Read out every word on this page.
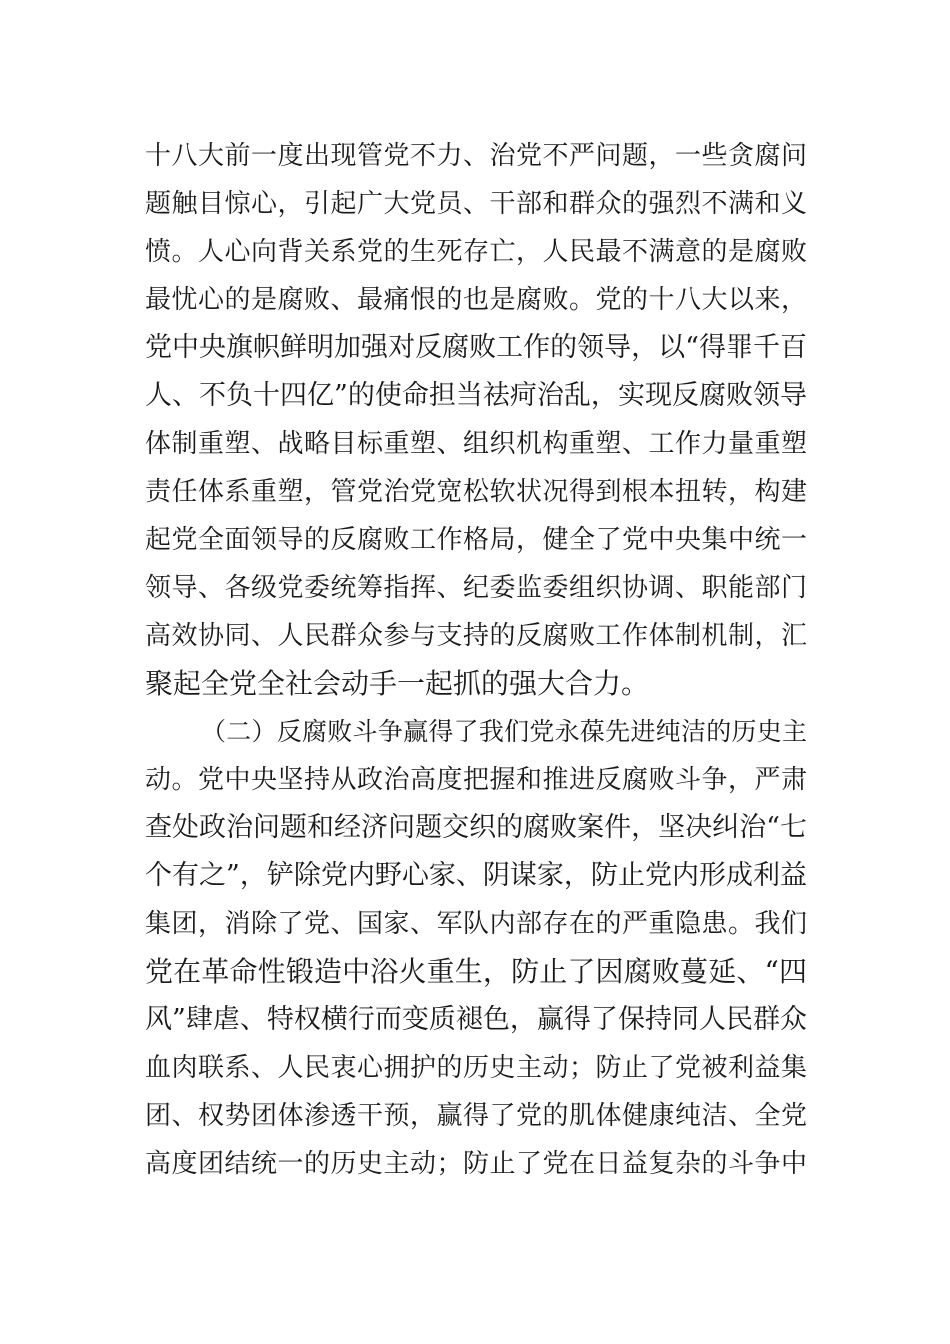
十八大前一度出现管党不力、治党不严问题，一些贪腐问
题触目惊心，引起广大党员、干部和群众的强烈不满和义
愤。人心向背关系党的生死存亡，人民最不满意的是腐败
最忧心的是腐败、最痛恨的也是腐败。党的十八大以来，
党中央旗帜鲜明加强对反腐败工作的领导，以“得罪千百
人、不负十四亿”的使命担当祛疴治乱，实现反腐败领导
体制重塑、战略目标重塑、组织机构重塑、工作力量重塑
责任体系重塑，管党治党宽松软状况得到根本扭转，构建
起党全面领导的反腐败工作格局，健全了党中央集中统一
领导、各级党委统筹指挥、纪委监委组织协调、职能部门
高效协同、人民群众参与支持的反腐败工作体制机制，汇
聚起全党全社会动手一起抓的强大合力。
（二）反腐败斗争赢得了我们党永葆先进纯洁的历史主
动。党中央坚持从政治高度把握和推进反腐败斗争，严肃
查处政治问题和经济问题交织的腐败案件，坚决纠治“七
个有之”，铲除党内野心家、阴谋家，防止党内形成利益
集团，消除了党、国家、军队内部存在的严重隐患。我们
党在革命性锻造中浴火重生，防止了因腐败蔓延、“四
风”肆虐、特权横行而变质褪色，赢得了保持同人民群众
血肉联系、人民衷心拥护的历史主动；防止了党被利益集
团、权势团体渗透干预，赢得了党的肌体健康纯洁、全党
高度团结统一的历史主动；防止了党在日益复杂的斗争中
